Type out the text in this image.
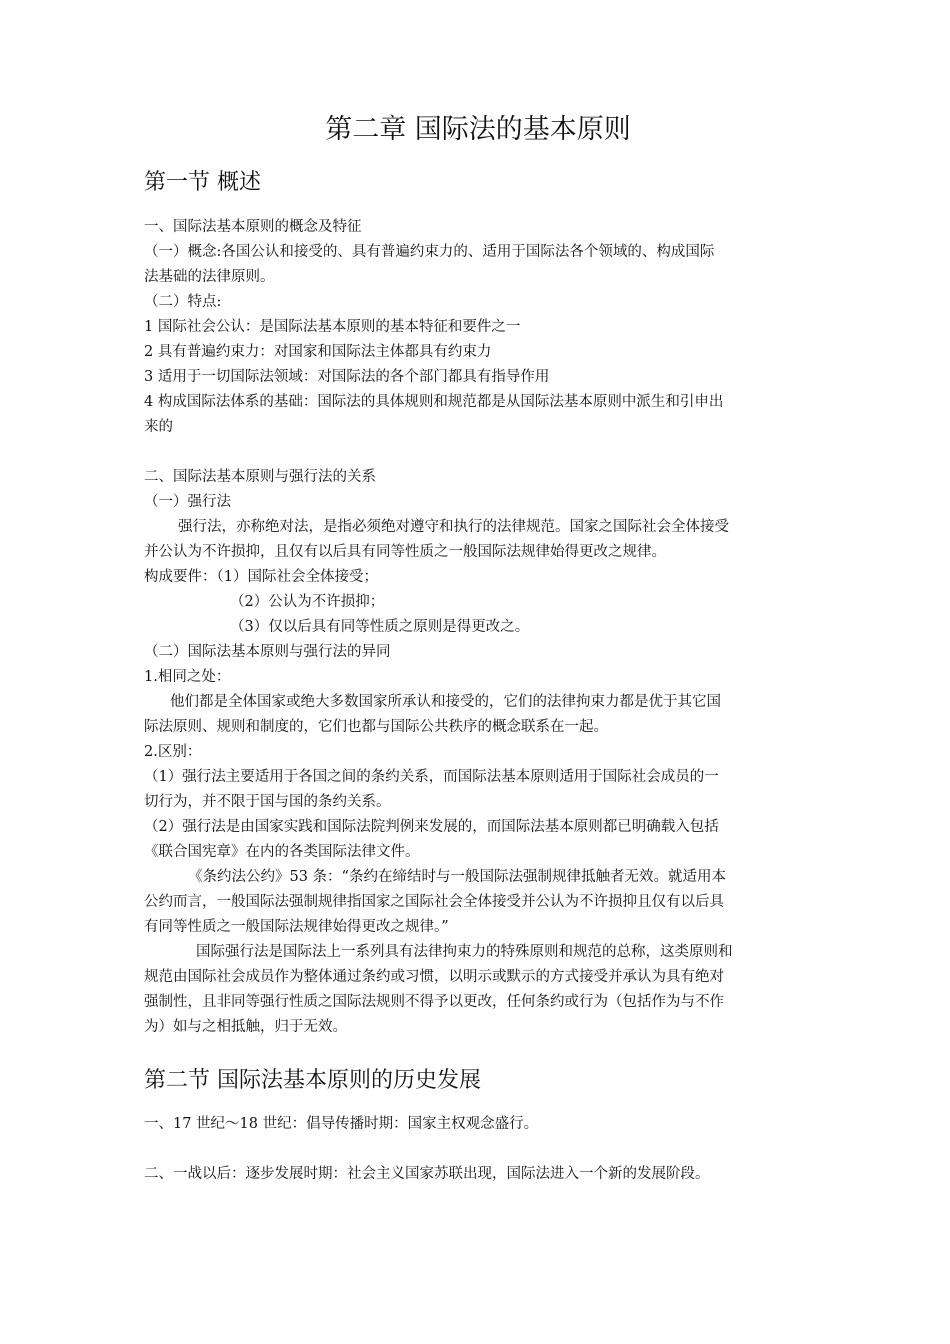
第二章 国际法的基本原则
第一节 概述
一、国际法基本原则的概念及特征
（一）概念:各国公认和接受的、具有普遍约束力的、适用于国际法各个领域的、构成国际
法基础的法律原则。
（二）特点:
1 国际社会公认：是国际法基本原则的基本特征和要件之一
2 具有普遍约束力：对国家和国际法主体都具有约束力
3 适用于一切国际法领域：对国际法的各个部门都具有指导作用
4 构成国际法体系的基础：国际法的具体规则和规范都是从国际法基本原则中派生和引申出
来的
二、国际法基本原则与强行法的关系
（一）强行法
强行法，亦称绝对法，是指必须绝对遵守和执行的法律规范。国家之国际社会全体接受
并公认为不许损抑，且仅有以后具有同等性质之一般国际法规律始得更改之规律。
构成要件：（1）国际社会全体接受；
（2）公认为不许损抑；
（3）仅以后具有同等性质之原则是得更改之。
（二）国际法基本原则与强行法的异同
1.相同之处：
他们都是全体国家或绝大多数国家所承认和接受的，它们的法律拘束力都是优于其它国
际法原则、规则和制度的，它们也都与国际公共秩序的概念联系在一起。
2.区别：
（1）强行法主要适用于各国之间的条约关系，而国际法基本原则适用于国际社会成员的一
切行为，并不限于国与国的条约关系。
（2）强行法是由国家实践和国际法院判例来发展的，而国际法基本原则都已明确载入包括
《联合国宪章》在内的各类国际法律文件。
《条约法公约》53 条：“条约在缔结时与一般国际法强制规律抵触者无效。就适用本
公约而言，一般国际法强制规律指国家之国际社会全体接受并公认为不许损抑且仅有以后具
有同等性质之一般国际法规律始得更改之规律。”
国际强行法是国际法上一系列具有法律拘束力的特殊原则和规范的总称，这类原则和
规范由国际社会成员作为整体通过条约或习惯，以明示或默示的方式接受并承认为具有绝对
强制性，且非同等强行性质之国际法规则不得予以更改，任何条约或行为（包括作为与不作
为）如与之相抵触，归于无效。
第二节 国际法基本原则的历史发展
一、17 世纪～18 世纪：倡导传播时期：国家主权观念盛行。
二、一战以后：逐步发展时期：社会主义国家苏联出现，国际法进入一个新的发展阶段。
